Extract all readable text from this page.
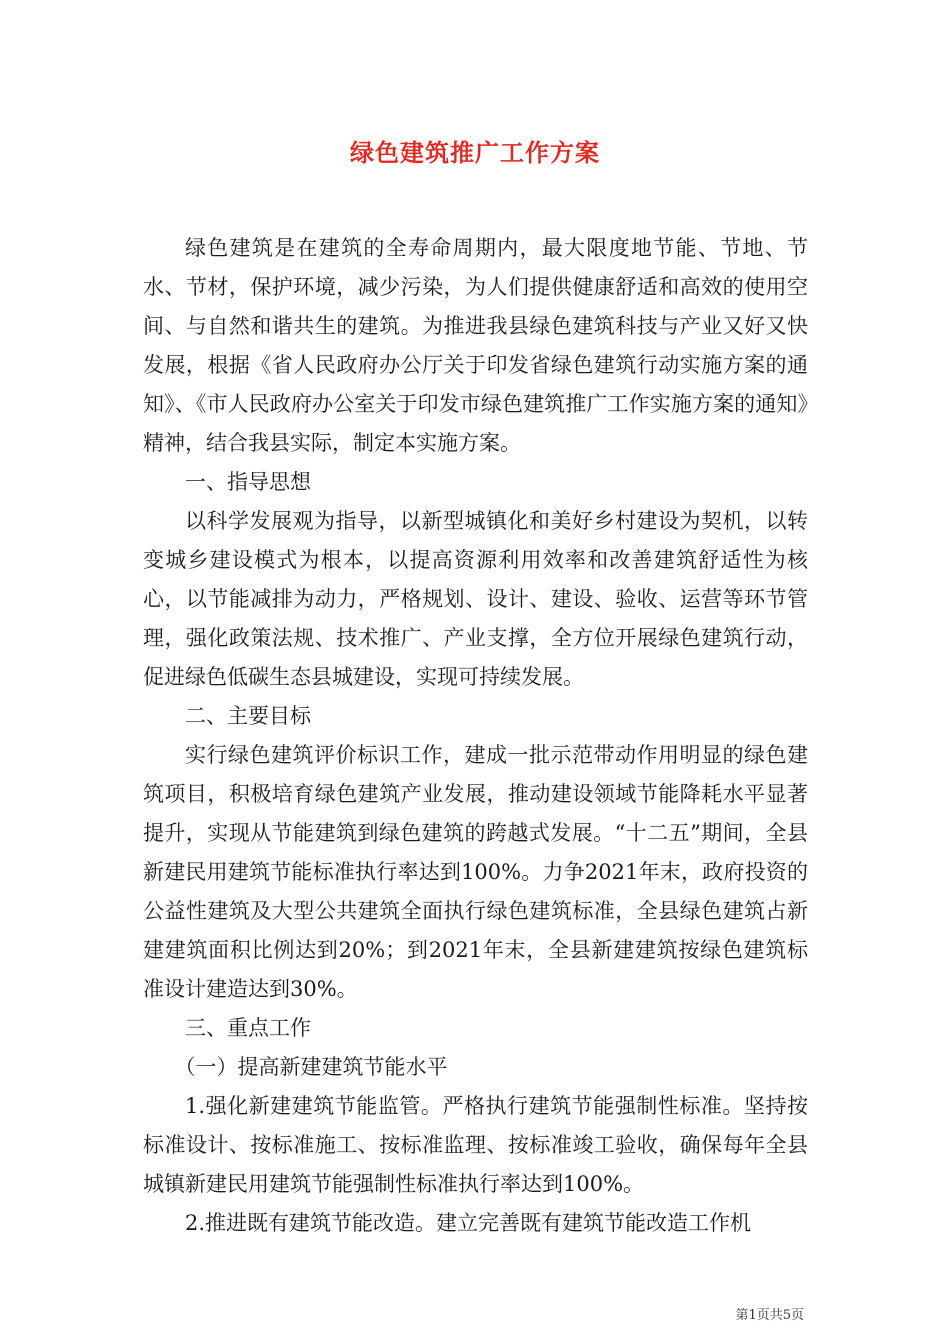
绿色建筑推广工作方案

绿色建筑是在建筑的全寿命周期内，最大限度地节能、节地、节水、节材，保护环境，减少污染，为人们提供健康舒适和高效的使用空间、与自然和谐共生的建筑。为推进我县绿色建筑科技与产业又好又快发展，根据《省人民政府办公厅关于印发省绿色建筑行动实施方案的通知》、《市人民政府办公室关于印发市绿色建筑推广工作实施方案的通知》精神，结合我县实际，制定本实施方案。

一、指导思想

以科学发展观为指导，以新型城镇化和美好乡村建设为契机，以转变城乡建设模式为根本，以提高资源利用效率和改善建筑舒适性为核心，以节能减排为动力，严格规划、设计、建设、验收、运营等环节管理，强化政策法规、技术推广、产业支撑，全方位开展绿色建筑行动，促进绿色低碳生态县城建设，实现可持续发展。

二、主要目标

实行绿色建筑评价标识工作，建成一批示范带动作用明显的绿色建筑项目，积极培育绿色建筑产业发展，推动建设领域节能降耗水平显著提升，实现从节能建筑到绿色建筑的跨越式发展。“十二五”期间，全县新建民用建筑节能标准执行率达到100%。力争2021年末，政府投资的公益性建筑及大型公共建筑全面执行绿色建筑标准，全县绿色建筑占新建建筑面积比例达到20%；到2021年末，全县新建建筑按绿色建筑标准设计建造达到30%。

三、重点工作

（一）提高新建建筑节能水平

1.强化新建建筑节能监管。严格执行建筑节能强制性标准。坚持按标准设计、按标准施工、按标准监理、按标准竣工验收，确保每年全县城镇新建民用建筑节能强制性标准执行率达到100%。

2.推进既有建筑节能改造。建立完善既有建筑节能改造工作机

第1页共5页
